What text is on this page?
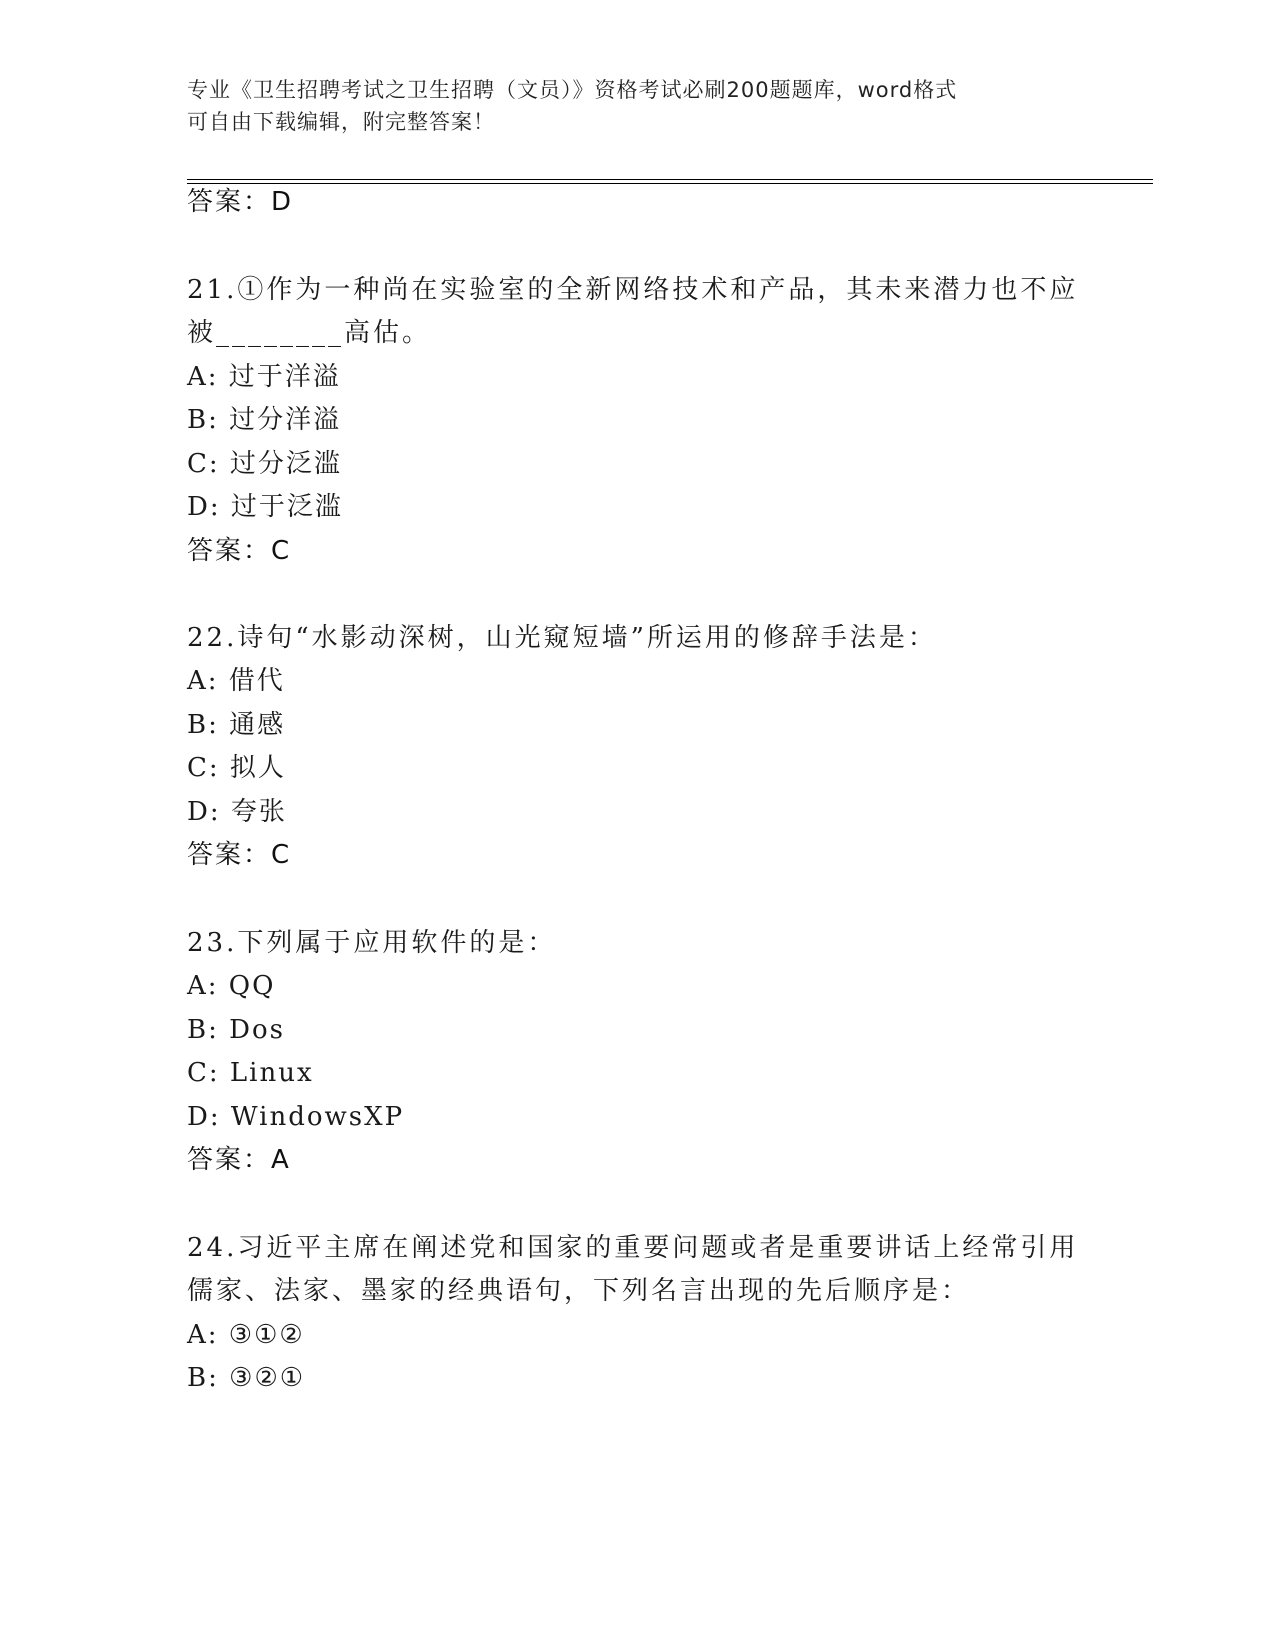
专业《卫生招聘考试之卫生招聘（文员）》资格考试必刷200题题库，word格式
可自由下载编辑，附完整答案！
答案：D
21.①作为一种尚在实验室的全新网络技术和产品，其未来潜力也不应
被________高估。
A: 过于洋溢
B: 过分洋溢
C: 过分泛滥
D: 过于泛滥
答案：C
22.诗句“水影动深树，山光窥短墙”所运用的修辞手法是：
A: 借代
B: 通感
C: 拟人
D: 夸张
答案：C
23.下列属于应用软件的是：
A: QQ
B: Dos
C: Linux
D: WindowsXP
答案：A
24.习近平主席在阐述党和国家的重要问题或者是重要讲话上经常引用
儒家、法家、墨家的经典语句，下列名言出现的先后顺序是：
A: ③①②
B: ③②①
